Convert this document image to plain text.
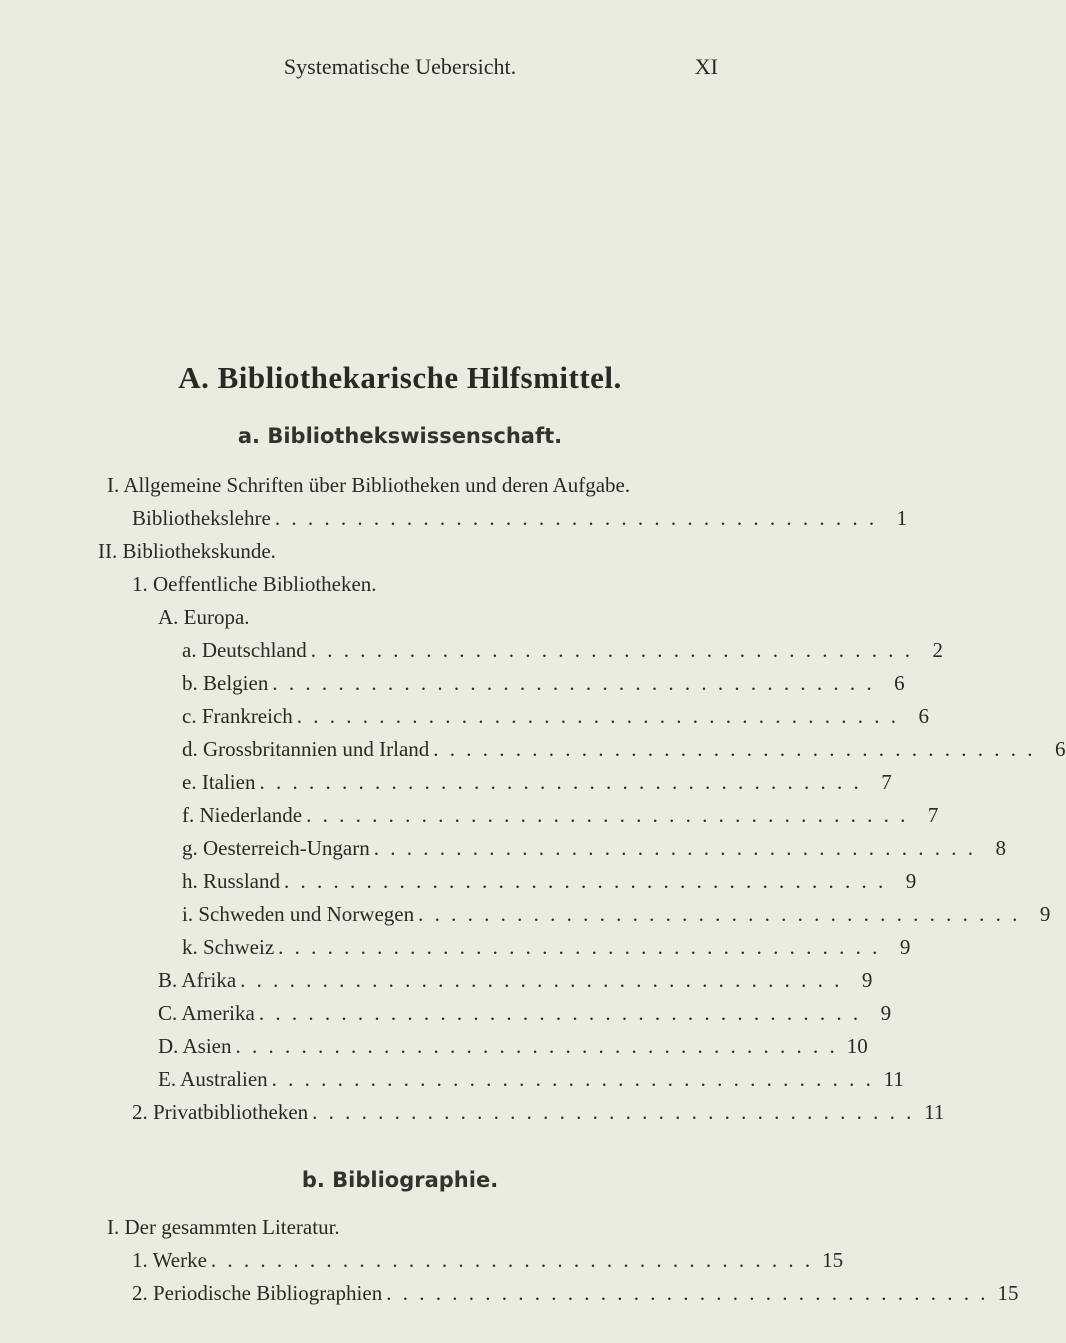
Systematische Uebersicht.	XI
A. Bibliothekarische Hilfsmittel.
a. Bibliothekswissenschaft.
I. Allgemeine Schriften über Bibliotheken und deren Aufgabe.
Bibliothekslehre . . . . . . . . . . . . . . . . . . . . . . . . . . . . . . . . . . . . . 1
II. Bibliothekskunde.
1. Oeffentliche Bibliotheken.
A. Europa.
a. Deutschland . . . . . . . . . . . . . . . . . . . . . . . . . . . . . . . . . . . . . 2
b. Belgien . . . . . . . . . . . . . . . . . . . . . . . . . . . . . . . . . . . . . 6
c. Frankreich . . . . . . . . . . . . . . . . . . . . . . . . . . . . . . . . . . . . . 6
d. Grossbritannien und Irland . . . . . . . . . . . . . . . . . . . . . . . . . . . . . . . . . . . . . 6
e. Italien . . . . . . . . . . . . . . . . . . . . . . . . . . . . . . . . . . . . . 7
f. Niederlande . . . . . . . . . . . . . . . . . . . . . . . . . . . . . . . . . . . . . 7
g. Oesterreich-Ungarn . . . . . . . . . . . . . . . . . . . . . . . . . . . . . . . . . . . . . 8
h. Russland . . . . . . . . . . . . . . . . . . . . . . . . . . . . . . . . . . . . . 9
i. Schweden und Norwegen . . . . . . . . . . . . . . . . . . . . . . . . . . . . . . . . . . . . . 9
k. Schweiz . . . . . . . . . . . . . . . . . . . . . . . . . . . . . . . . . . . . . 9
B. Afrika . . . . . . . . . . . . . . . . . . . . . . . . . . . . . . . . . . . . . 9
C. Amerika . . . . . . . . . . . . . . . . . . . . . . . . . . . . . . . . . . . . . 9
D. Asien . . . . . . . . . . . . . . . . . . . . . . . . . . . . . . . . . . . . . 10
E. Australien . . . . . . . . . . . . . . . . . . . . . . . . . . . . . . . . . . . . . 11
2. Privatbibliotheken . . . . . . . . . . . . . . . . . . . . . . . . . . . . . . . . . . . . . 11
b. Bibliographie.
I. Der gesammten Literatur.
1. Werke . . . . . . . . . . . . . . . . . . . . . . . . . . . . . . . . . . . . . 15
2. Periodische Bibliographien . . . . . . . . . . . . . . . . . . . . . . . . . . . . . . . . . . . . . 15
